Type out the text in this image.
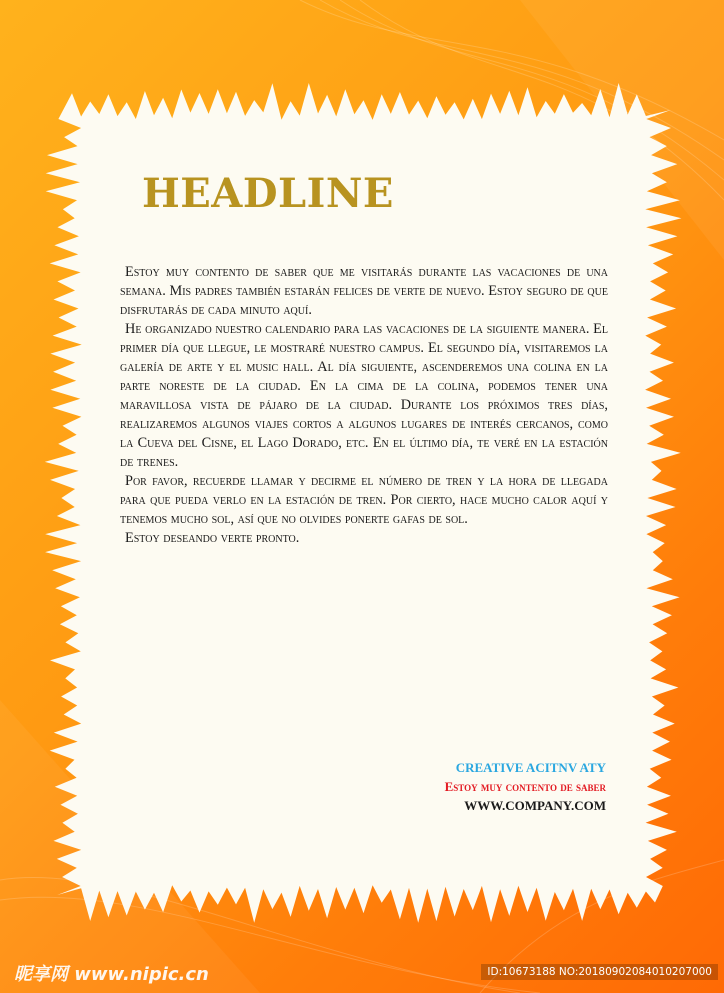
HEADLINE

Estoy muy contento de saber que me visitarás durante las vacaciones de una semana. Mis padres también estarán felices de verte de nuevo. Estoy seguro de que disfrutarás de cada minuto aquí.

He organizado nuestro calendario para las vacaciones de la siguiente manera. El primer día que llegue, le mostraré nuestro campus. El segundo día, visitaremos la galería de arte y el music hall. Al día siguiente, ascenderemos una colina en la parte noreste de la ciudad. En la cima de la colina, podemos tener una maravillosa vista de pájaro de la ciudad. Durante los próximos tres días, realizaremos algunos viajes cortos a algunos lugares de interés cercanos, como la Cueva del Cisne, el Lago Dorado, etc. En el último día, te veré en la estación de trenes.

Por favor, recuerde llamar y decirme el número de tren y la hora de llegada para que pueda verlo en la estación de tren. Por cierto, hace mucho calor aquí y tenemos mucho sol, así que no olvides ponerte gafas de sol.

Estoy deseando verte pronto.

CREATIVE ACITNV ATY
Estoy muy contento de saber
WWW.COMPANY.COM
昵享网 www.nipic.cn	ID:10673188 NO:20180902084010207000
